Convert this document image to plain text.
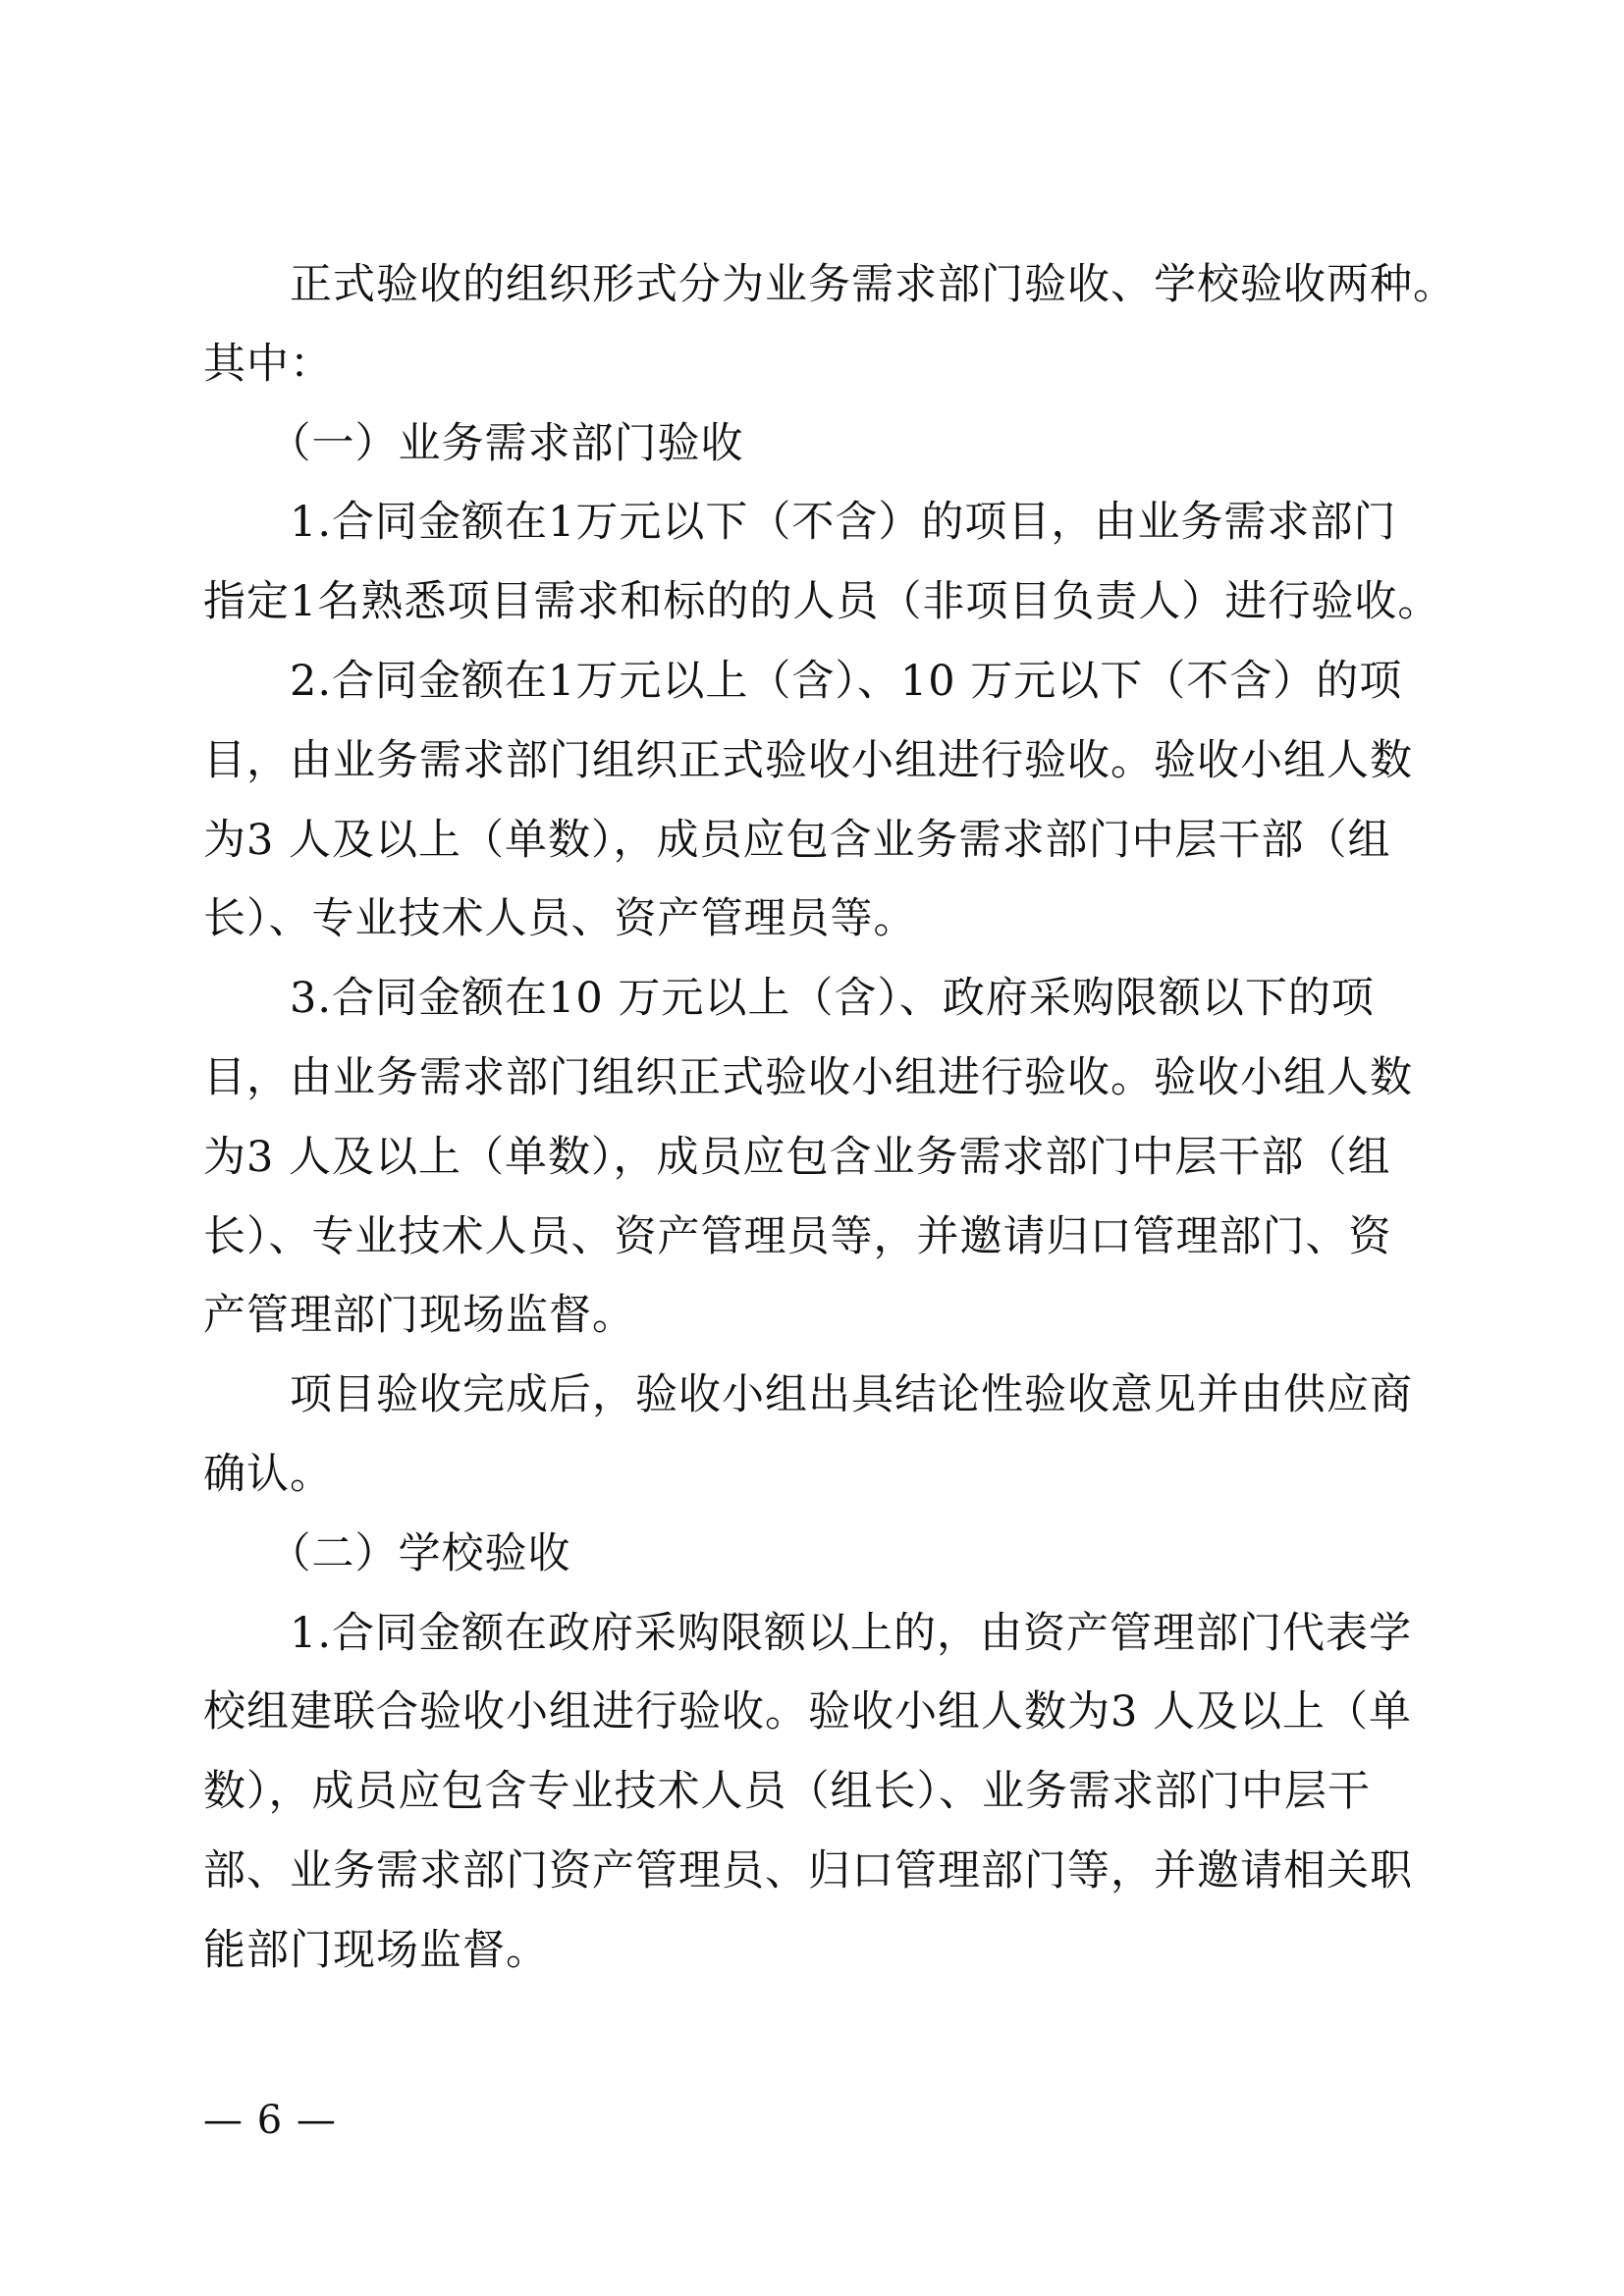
　　正式验收的组织形式分为业务需求部门验收、学校验收两种。

其中：

　　（一）业务需求部门验收

　　1.合同金额在1万元以下（不含）的项目，由业务需求部门

指定1名熟悉项目需求和标的的人员（非项目负责人）进行验收。

　　2.合同金额在1万元以上（含）、10 万元以下（不含）的项

目，由业务需求部门组织正式验收小组进行验收。验收小组人数

为3 人及以上（单数），成员应包含业务需求部门中层干部（组

长）、专业技术人员、资产管理员等。

　　3.合同金额在10 万元以上（含）、政府采购限额以下的项

目，由业务需求部门组织正式验收小组进行验收。验收小组人数

为3 人及以上（单数），成员应包含业务需求部门中层干部（组

长）、专业技术人员、资产管理员等，并邀请归口管理部门、资

产管理部门现场监督。

　　项目验收完成后，验收小组出具结论性验收意见并由供应商

确认。

　　（二）学校验收

　　1.合同金额在政府采购限额以上的，由资产管理部门代表学

校组建联合验收小组进行验收。验收小组人数为3 人及以上（单

数），成员应包含专业技术人员（组长）、业务需求部门中层干

部、业务需求部门资产管理员、归口管理部门等，并邀请相关职

能部门现场监督。

— 6 —
